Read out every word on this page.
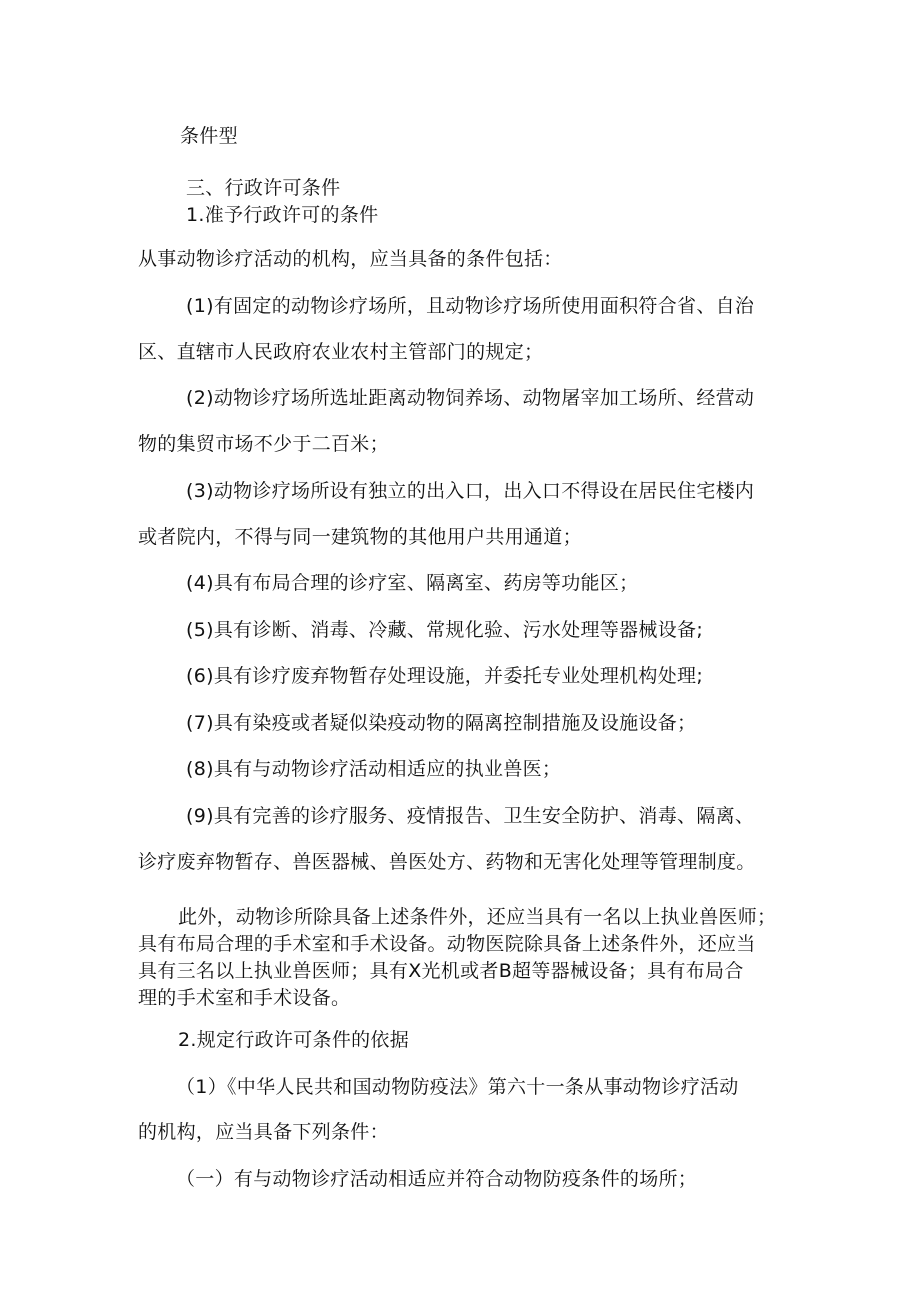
条件型
三、行政许可条件
1.准予行政许可的条件
从事动物诊疗活动的机构，应当具备的条件包括：
(1)有固定的动物诊疗场所，且动物诊疗场所使用面积符合省、自治
区、直辖市人民政府农业农村主管部门的规定；
(2)动物诊疗场所选址距离动物饲养场、动物屠宰加工场所、经营动
物的集贸市场不少于二百米；
(3)动物诊疗场所设有独立的出入口，出入口不得设在居民住宅楼内
或者院内，不得与同一建筑物的其他用户共用通道；
(4)具有布局合理的诊疗室、隔离室、药房等功能区；
(5)具有诊断、消毒、冷藏、常规化验、污水处理等器械设备;
(6)具有诊疗废弃物暂存处理设施，并委托专业处理机构处理;
(7)具有染疫或者疑似染疫动物的隔离控制措施及设施设备；
(8)具有与动物诊疗活动相适应的执业兽医；
(9)具有完善的诊疗服务、疫情报告、卫生安全防护、消毒、隔离、
诊疗废弃物暂存、兽医器械、兽医处方、药物和无害化处理等管理制度。
此外，动物诊所除具备上述条件外，还应当具有一名以上执业兽医师；
具有布局合理的手术室和手术设备。动物医院除具备上述条件外，还应当
具有三名以上执业兽医师；具有X光机或者B超等器械设备；具有布局合
理的手术室和手术设备。
2.规定行政许可条件的依据
（1）《中华人民共和国动物防疫法》第六十一条从事动物诊疗活动
的机构，应当具备下列条件：
（一）有与动物诊疗活动相适应并符合动物防疫条件的场所；
